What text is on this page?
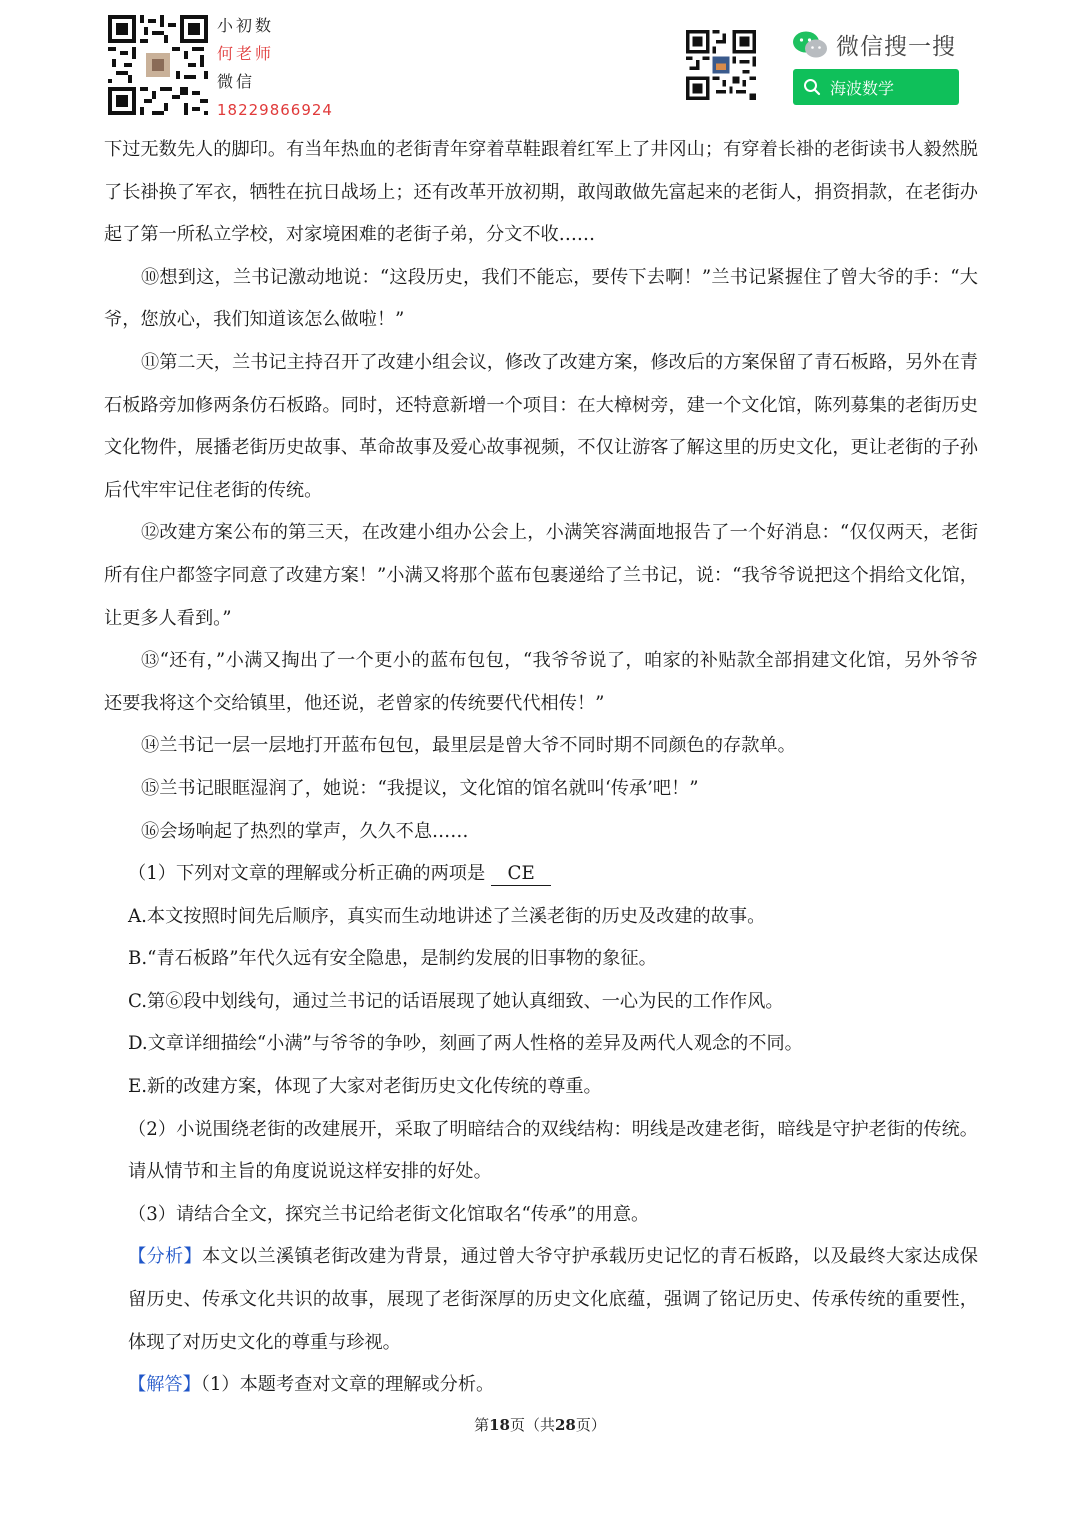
小初数
何老师
微信
18229866924
微信搜一搜
海波数学

下过无数先人的脚印。有当年热血的老街青年穿着草鞋跟着红军上了井冈山；有穿着长褂的老街读书人毅然脱了长褂换了军衣，牺牲在抗日战场上；还有改革开放初期，敢闯敢做先富起来的老街人，捐资捐款，在老街办起了第一所私立学校，对家境困难的老街子弟，分文不收……

⑩想到这，兰书记激动地说：“这段历史，我们不能忘，要传下去啊！”兰书记紧握住了曾大爷的手：“大爷，您放心，我们知道该怎么做啦！”

⑪第二天，兰书记主持召开了改建小组会议，修改了改建方案，修改后的方案保留了青石板路，另外在青石板路旁加修两条仿石板路。同时，还特意新增一个项目：在大樟树旁，建一个文化馆，陈列募集的老街历史文化物件，展播老街历史故事、革命故事及爱心故事视频，不仅让游客了解这里的历史文化，更让老街的子孙后代牢牢记住老街的传统。

⑫改建方案公布的第三天，在改建小组办公会上，小满笑容满面地报告了一个好消息：“仅仅两天，老街所有住户都签字同意了改建方案！”小满又将那个蓝布包裹递给了兰书记，说：“我爷爷说把这个捐给文化馆，让更多人看到。”

⑬“还有，”小满又掏出了一个更小的蓝布包包，“我爷爷说了，咱家的补贴款全部捐建文化馆，另外爷爷还要我将这个交给镇里，他还说，老曾家的传统要代代相传！”

⑭兰书记一层一层地打开蓝布包包，最里层是曾大爷不同时期不同颜色的存款单。

⑮兰书记眼眶湿润了，她说：“我提议，文化馆的馆名就叫‘传承’吧！”

⑯会场响起了热烈的掌声，久久不息……

（1）下列对文章的理解或分析正确的两项是 CE

A.本文按照时间先后顺序，真实而生动地讲述了兰溪老街的历史及改建的故事。

B.“青石板路”年代久远有安全隐患，是制约发展的旧事物的象征。

C.第⑥段中划线句，通过兰书记的话语展现了她认真细致、一心为民的工作作风。

D.文章详细描绘“小满”与爷爷的争吵，刻画了两人性格的差异及两代人观念的不同。

E.新的改建方案，体现了大家对老街历史文化传统的尊重。

（2）小说围绕老街的改建展开，采取了明暗结合的双线结构：明线是改建老街，暗线是守护老街的传统。请从情节和主旨的角度说说这样安排的好处。

（3）请结合全文，探究兰书记给老街文化馆取名“传承”的用意。

【分析】本文以兰溪镇老街改建为背景，通过曾大爷守护承载历史记忆的青石板路，以及最终大家达成保留历史、传承文化共识的故事，展现了老街深厚的历史文化底蕴，强调了铭记历史、传承传统的重要性，体现了对历史文化的尊重与珍视。

【解答】（1）本题考查对文章的理解或分析。

第18页（共28页）
